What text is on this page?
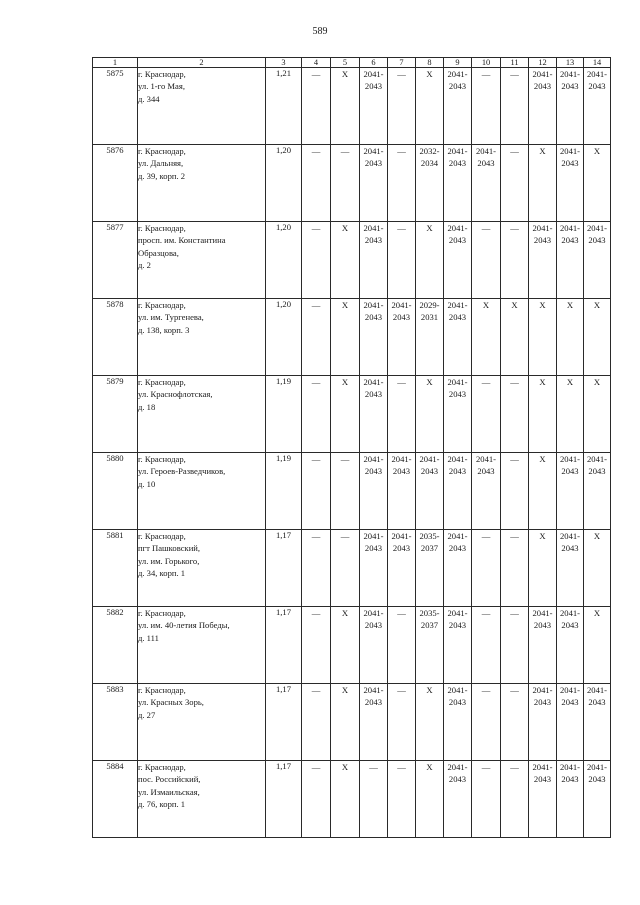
589
1	2	3	4	5	6	7	8	9	10	11	12	13	14
5875	г. Краснодар,
ул. 1-го Мая,
д. 344	1,21	—	Х	2041-
2043	—	Х	2041-
2043	—	—	2041-
2043	2041-
2043	2041-
2043

5876	г. Краснодар,
ул. Дальняя,
д. 39, корп. 2	1,20	—	—	2041-
2043	—	2032-
2034	2041-
2043	2041-
2043	—	Х	2041-
2043	Х

5877	г. Краснодар,
просп. им. Константина
Образцова,
д. 2	1,20	—	Х	2041-
2043	—	Х	2041-
2043	—	—	2041-
2043	2041-
2043	2041-
2043

5878	г. Краснодар,
ул. им. Тургенева,
д. 138, корп. 3	1,20	—	Х	2041-
2043	2041-
2043	2029-
2031	2041-
2043	Х	Х	Х	Х	Х

5879	г. Краснодар,
ул. Краснофлотская,
д. 18	1,19	—	Х	2041-
2043	—	Х	2041-
2043	—	—	Х	Х	Х

5880	г. Краснодар,
ул. Героев-Разведчиков,
д. 10	1,19	—	—	2041-
2043	2041-
2043	2041-
2043	2041-
2043	2041-
2043	—	Х	2041-
2043	2041-
2043

5881	г. Краснодар,
пгт Пашковский,
ул. им. Горького,
д. 34, корп. 1	1,17	—	—	2041-
2043	2041-
2043	2035-
2037	2041-
2043	—	—	Х	2041-
2043	Х

5882	г. Краснодар,
ул. им. 40-летия Победы,
д. 111	1,17	—	Х	2041-
2043	—	2035-
2037	2041-
2043	—	—	2041-
2043	2041-
2043	Х

5883	г. Краснодар,
ул. Красных Зорь,
д. 27	1,17	—	Х	2041-
2043	—	Х	2041-
2043	—	—	2041-
2043	2041-
2043	2041-
2043

5884	г. Краснодар,
пос. Российский,
ул. Измаильская,
д. 76, корп. 1	1,17	—	Х	—	—	Х	2041-
2043	—	—	2041-
2043	2041-
2043	2041-
2043
